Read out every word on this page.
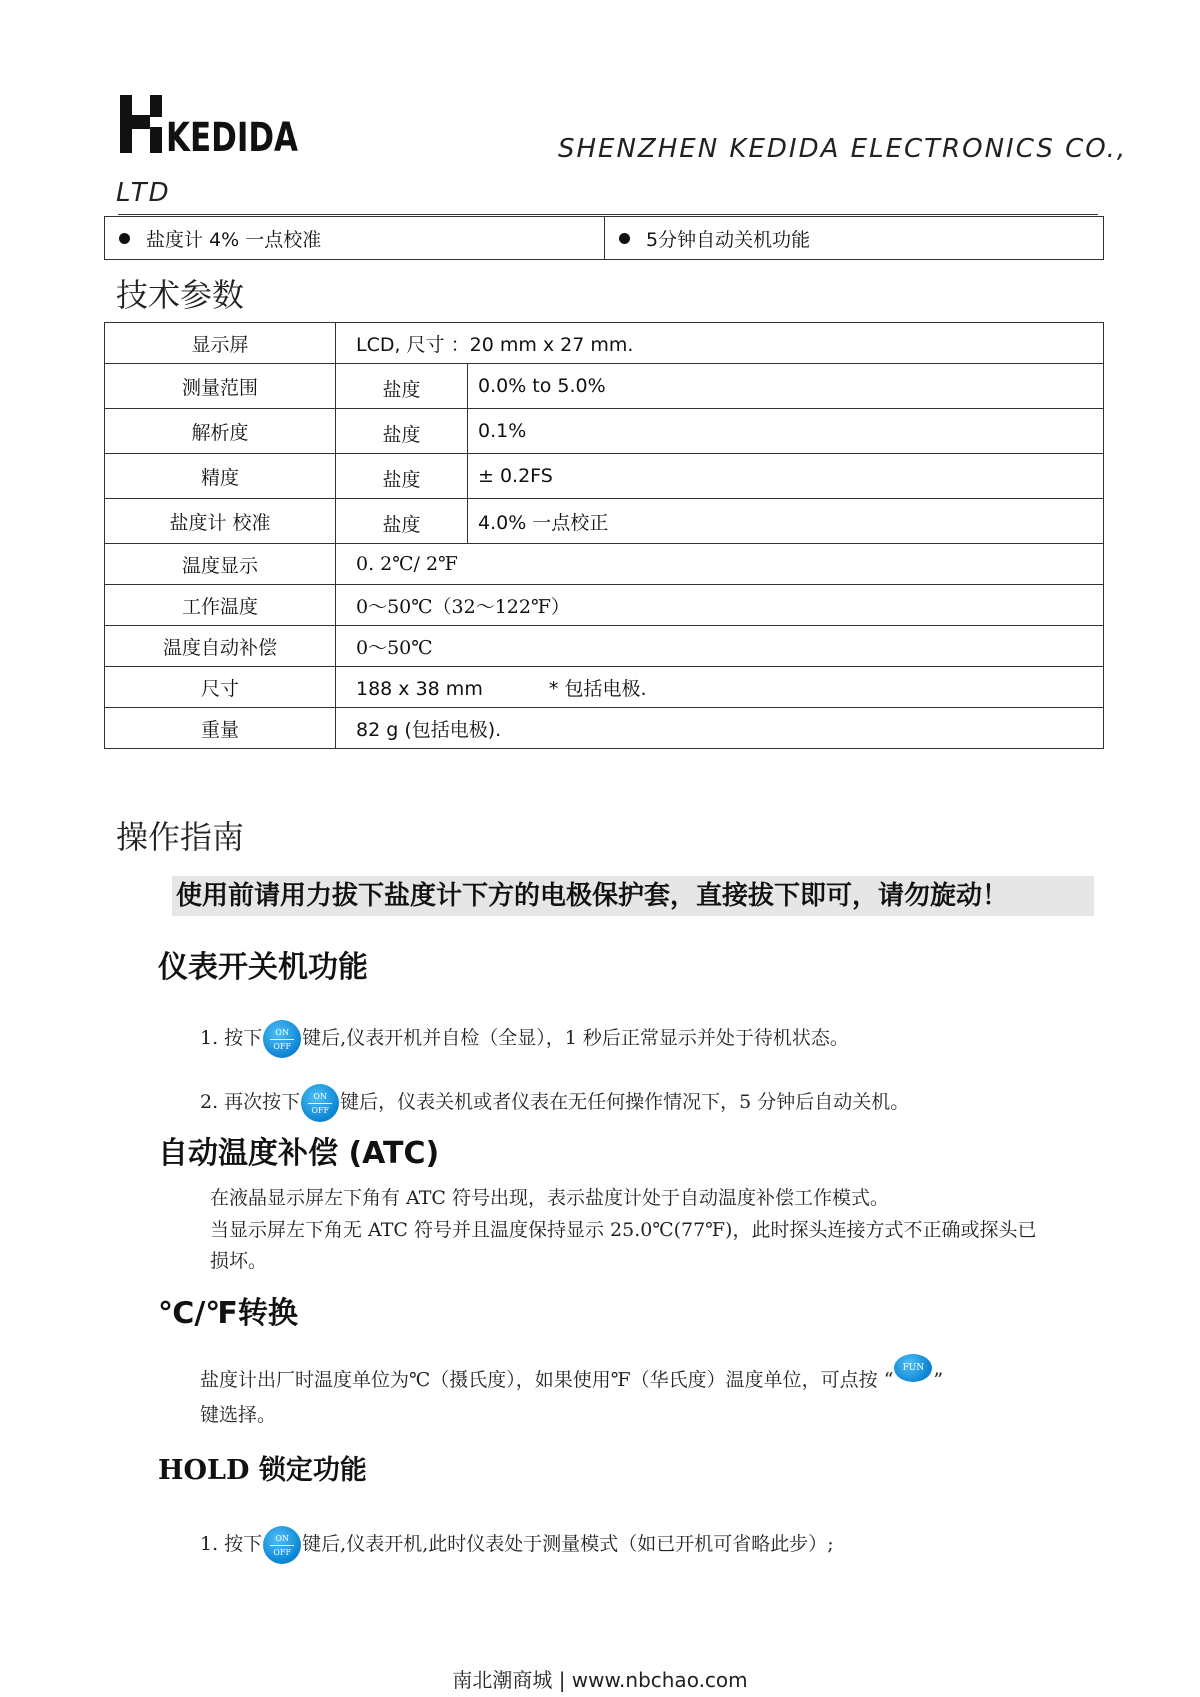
KEDIDA	SHENZHEN KEDIDA ELECTRONICS CO.,
LTD
盐度计 4% 一点校准	5分钟自动关机功能
技术参数
显示屏	LCD, 尺寸 ：20 mm x 27 mm.	
测量范围	盐度	0.0% to 5.0%
解析度	盐度	0.1%
精度	盐度	± 0.2FS
盐度计 校准	盐度	4.0% 一点校正
温度显示	0. 2℃/ 2℉	
工作温度	0～50℃（32～122℉）	
温度自动补偿	0～50℃	
尺寸	188 x 38 mm * 包括电极.	
重量	82 g (包括电极).	
操作指南
使用前请用力拔下盐度计下方的电极保护套，直接拔下即可，请勿旋动！
仪表开关机功能
1. 按下	ON
OFF 键后,仪表开机并自检（全显），1 秒后正常显示并处于待机状态。
2. 再次按下	ON
OFF 键后，仪表关机或者仪表在无任何操作情况下，5 分钟后自动关机。
自动温度补偿 (ATC)
在液晶显示屏左下角有 ATC 符号出现，表示盐度计处于自动温度补偿工作模式。
当显示屏左下角无 ATC 符号并且温度保持显示 25.0℃(77℉)，此时探头连接方式不正确或探头已
损坏。
℃/℉转换
盐度计出厂时温度单位为℃（摄氏度），如果使用℉（华氏度）温度单位，可点按 “
FUN
”
键选择。
HOLD 锁定功能
1. 按下	ON
OFF 键后,仪表开机,此时仪表处于测量模式（如已开机可省略此步）;
南北潮商城 | www.nbchao.com
